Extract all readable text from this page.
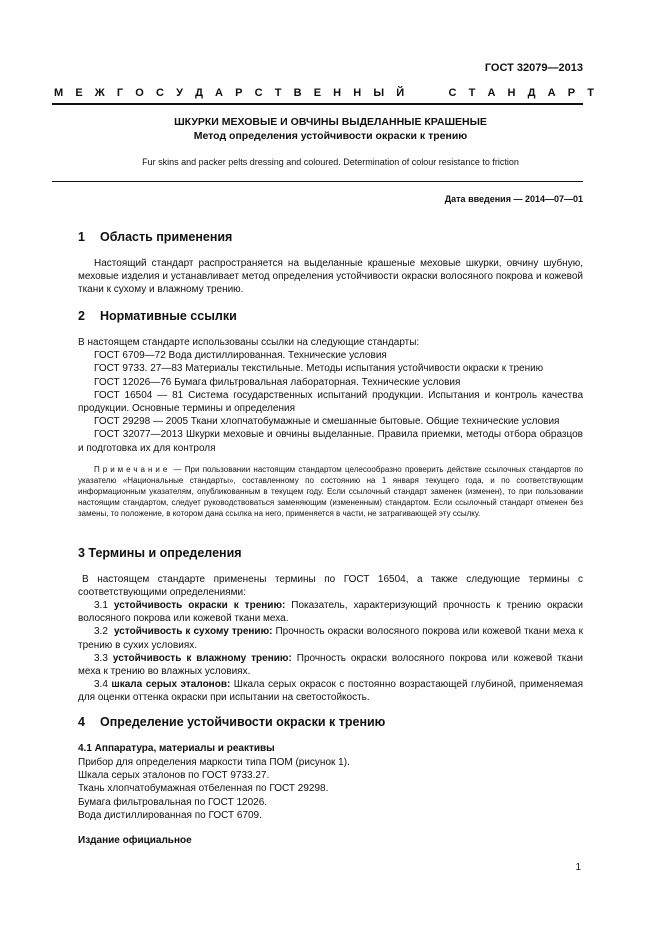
ГОСТ 32079—2013
М Е Ж Г О С У Д А Р С Т В Е Н Н Ы Й	С Т А Н Д А Р Т
ШКУРКИ МЕХОВЫЕ И ОВЧИНЫ ВЫДЕЛАННЫЕ КРАШЕНЫЕ
Метод определения устойчивости окраски к трению
Fur skins and packer pelts dressing and coloured. Determination of colour resistance to friction
Дата введения — 2014—07—01
1 Область применения
Настоящий стандарт распространяется на выделанные крашеные меховые шкурки, овчину шубную, меховые изделия и устанавливает метод определения устойчивости окраски волосяного покрова и кожевой ткани к сухому и влажному трению.
2 Нормативные ссылки
В настоящем стандарте использованы ссылки на следующие стандарты:
ГОСТ 6709—72 Вода дистиллированная. Технические условия
ГОСТ 9733. 27—83 Материалы текстильные. Методы испытания устойчивости окраски к трению
ГОСТ 12026—76 Бумага фильтровальная лабораторная. Технические условия
ГОСТ 16504 — 81 Система государственных испытаний продукции. Испытания и контроль качества продукции. Основные термины и определения
ГОСТ 29298 — 2005 Ткани хлопчатобумажные и смешанные бытовые. Общие технические условия
ГОСТ 32077—2013 Шкурки меховые и овчины выделанные. Правила приемки, методы отбора образцов и подготовка их для контроля
Примечание — При пользовании настоящим стандартом целесообразно проверить действие ссылочных стандартов по указателю «Национальные стандарты», составленному по состоянию на 1 января текущего года, и по соответствующим информационным указателям, опубликованным в текущем году. Если ссылочный стандарт заменен (изменен), то при пользовании настоящим стандартом, следует руководствоваться заменяющим (измененным) стандартом. Если ссылочный стандарт отменен без замены, то положение, в котором дана ссылка на него, применяется в части, не затрагивающей эту ссылку.
3 Термины и определения
В настоящем стандарте применены термины по ГОСТ 16504, а также следующие термины с соответствующими определениями:
3.1 устойчивость окраски к трению: Показатель, характеризующий прочность к трению окраски волосяного покрова или кожевой ткани меха.
3.2 устойчивость к сухому трению: Прочность окраски волосяного покрова или кожевой ткани меха к трению в сухих условиях.
3.3 устойчивость к влажному трению: Прочность окраски волосяного покрова или кожевой ткани меха к трению во влажных условиях.
3.4 шкала серых эталонов: Шкала серых окрасок с постоянно возрастающей глубиной, применяемая для оценки оттенка окраски при испытании на светостойкость.
4 Определение устойчивости окраски к трению
4.1 Аппаратура, материалы и реактивы
Прибор для определения маркости типа ПОМ (рисунок 1).
Шкала серых эталонов по ГОСТ 9733.27.
Ткань хлопчатобумажная отбеленная по ГОСТ 29298.
Бумага фильтровальная по ГОСТ 12026.
Вода дистиллированная по ГОСТ 6709.
Издание официальное
1
